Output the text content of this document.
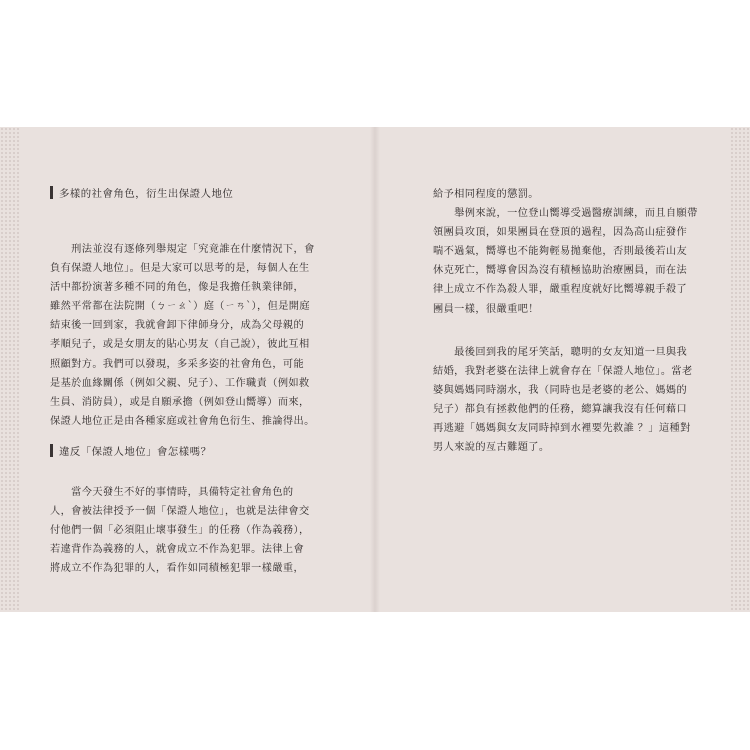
多樣的社會角色，衍生出保證人地位
　　刑法並沒有逐條列舉規定「究竟誰在什麼情況下，會
負有保證人地位」。但是大家可以思考的是，每個人在生
活中都扮演著多種不同的角色，像是我擔任執業律師，
雖然平常都在法院開（ㄅㄧㄠˋ）庭（ㄧㄢˋ），但是開庭
結束後一回到家，我就會卸下律師身分，成為父母親的
孝順兒子，或是女朋友的貼心男友（自己說），彼此互相
照顧對方。我們可以發現，多采多姿的社會角色，可能
是基於血緣關係（例如父親、兒子）、工作職責（例如救
生員、消防員），或是自願承擔（例如登山嚮導）而來，
保證人地位正是由各種家庭或社會角色衍生、推論得出。
違反「保證人地位」會怎樣嗎？
　　當今天發生不好的事情時，具備特定社會角色的
人，會被法律授予一個「保證人地位」，也就是法律會交
付他們一個「必須阻止壞事發生」的任務（作為義務），
若違背作為義務的人，就會成立不作為犯罪。法律上會
將成立不作為犯罪的人，看作如同積極犯罪一樣嚴重，
給予相同程度的懲罰。
　　舉例來說，一位登山嚮導受過醫療訓練，而且自願帶
領團員攻頂，如果團員在登頂的過程，因為高山症發作
喘不過氣，嚮導也不能夠輕易拋棄他，否則最後若山友
休克死亡，嚮導會因為沒有積極協助治療團員，而在法
律上成立不作為殺人罪，嚴重程度就好比嚮導親手殺了
團員一樣，很嚴重吧！
　　最後回到我的尾牙笑話，聰明的女友知道一旦與我
結婚，我對老婆在法律上就會存在「保證人地位」。當老
婆與媽媽同時溺水，我（同時也是老婆的老公、媽媽的
兒子）都負有拯救他們的任務，總算讓我沒有任何藉口
再逃避「媽媽與女友同時掉到水裡要先救誰 ？」這種對
男人來說的亙古難題了。
